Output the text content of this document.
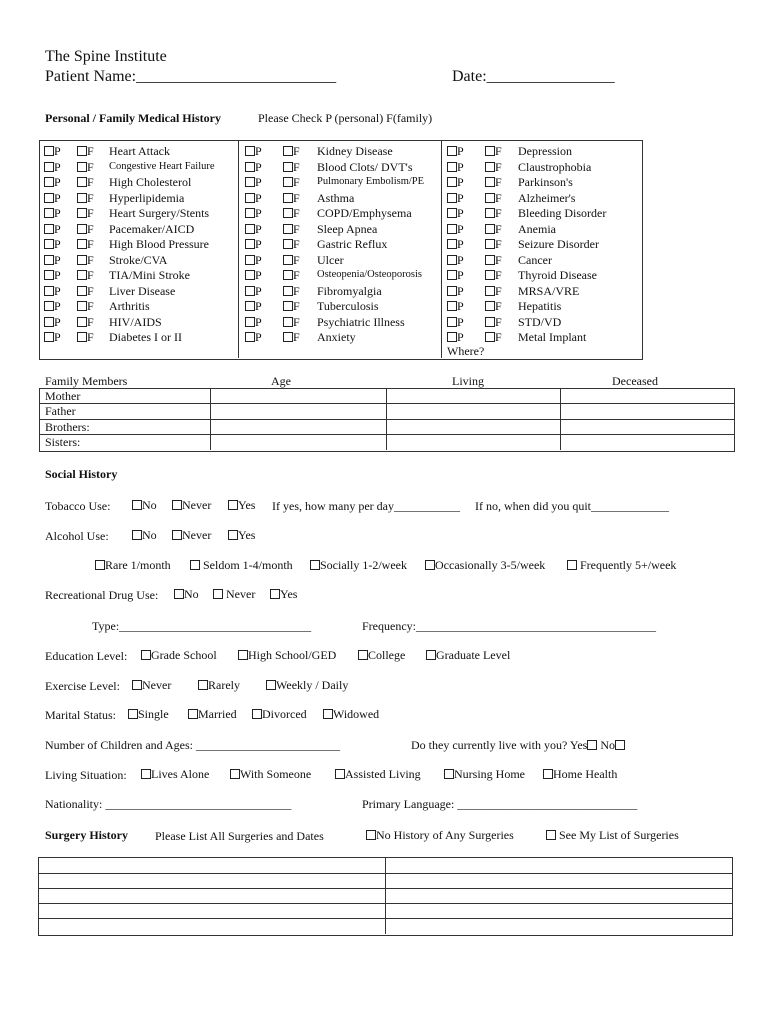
The Spine Institute
Patient Name:_________________________	Date:________________
Personal / Family Medical History	Please Check P (personal) F(family)
P	F Heart Attack
P	F Congestive Heart Failure
P	F High Cholesterol
P	F Hyperlipidemia
P	F Heart Surgery/Stents
P	F Pacemaker/AICD
P	F High Blood Pressure
P	F Stroke/CVA
P	F TIA/Mini Stroke
P	F Liver Disease
P	F Arthritis
P	F HIV/AIDS
P	F Diabetes I or II
P	F Kidney Disease
P	F Blood Clots/ DVT's
P	F Pulmonary Embolism/PE
P	F Asthma
P	F COPD/Emphysema
P	F Sleep Apnea
P	F Gastric Reflux
P	F Ulcer
P	F Osteopenia/Osteoporosis
P	F Fibromyalgia
P	F Tuberculosis
P	F Psychiatric Illness
P	F Anxiety
P	F Depression
P	F Claustrophobia
P	F Parkinson's
P	F Alzheimer's
P	F Bleeding Disorder
P	F Anemia
P	F Seizure Disorder
P	F Cancer
P	F Thyroid Disease
P	F MRSA/VRE
P	F Hepatitis
P	F STD/VD
P	F Metal Implant
Where?
Family Members	Age	Living	Deceased
Mother
Father
Brothers:
Sisters:
Social History
Tobacco Use:	No	Never	Yes If yes, how many per day___________ If no, when did you quit_____________
Alcohol Use:	No	Never	Yes
Rare 1/month	Seldom 1-4/month	Socially 1-2/week	Occasionally 3-5/week	Frequently 5+/week
Recreational Drug Use:	No	Never	Yes
Type:________________________________	Frequency:________________________________________
Education Level:	Grade School	High School/GED	College	Graduate Level
Exercise Level:	Never	Rarely	Weekly / Daily
Marital Status:	Single	Married	Divorced	Widowed
Number of Children and Ages: ________________________	Do they currently live with you? Yes No
Living Situation:	Lives Alone	With Someone	Assisted Living	Nursing Home	Home Health
Nationality: _______________________________	Primary Language: ______________________________
Surgery History Please List All Surgeries and Dates	No History of Any Surgeries	See My List of Surgeries
